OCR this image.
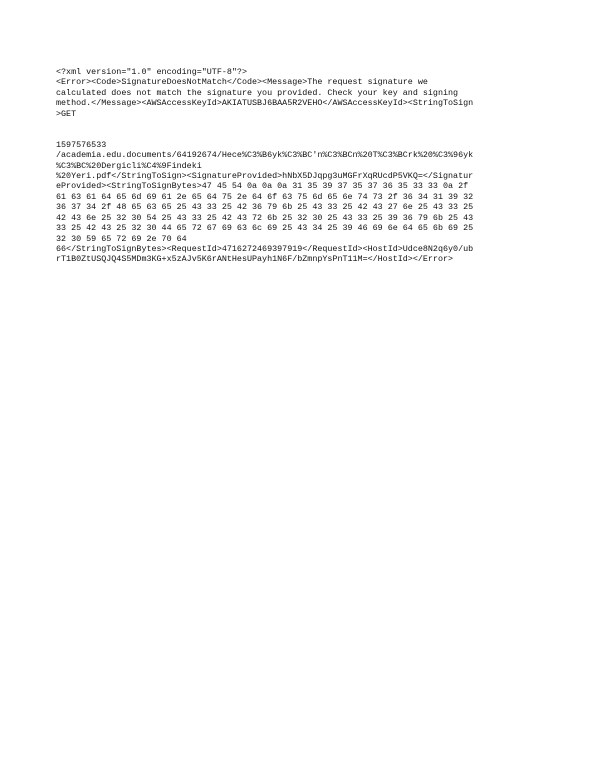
<?xml version="1.0" encoding="UTF-8"?>
<Error><Code>SignatureDoesNotMatch</Code><Message>The request signature we
calculated does not match the signature you provided. Check your key and signing
method.</Message><AWSAccessKeyId>AKIATUSBJ6BAA5R2VEHO</AWSAccessKeyId><StringToSign
>GET

1597576533
/academia.edu.documents/64192674/Hece%C3%B6yk%C3%BC'n%C3%BCn%20T%C3%BCrk%20%C3%96yk
%C3%BC%20Dergicli%C4%9Findeki
%20Yeri.pdf</StringToSign><SignatureProvided>hNbX5DJqpg3uMGFrXqRUcdP5VKQ=</Signatur
eProvided><StringToSignBytes>47 45 54 0a 0a 0a 31 35 39 37 35 37 36 35 33 33 0a 2f
61 63 61 64 65 6d 69 61 2e 65 64 75 2e 64 6f 63 75 6d 65 6e 74 73 2f 36 34 31 39 32
36 37 34 2f 48 65 63 65 25 43 33 25 42 36 79 6b 25 43 33 25 42 43 27 6e 25 43 33 25
42 43 6e 25 32 30 54 25 43 33 25 42 43 72 6b 25 32 30 25 43 33 25 39 36 79 6b 25 43
33 25 42 43 25 32 30 44 65 72 67 69 63 6c 69 25 43 34 25 39 46 69 6e 64 65 6b 69 25
32 30 59 65 72 69 2e 70 64
66</StringToSignBytes><RequestId>4716272469397919</RequestId><HostId>Udce8N2q6y0/ub
rT1B0ZtUSQJQ4S5MDm3KG+x5zAJv5K6rANtHesUPayh1N6F/bZmnpYsPnT11M=</HostId></Error>
